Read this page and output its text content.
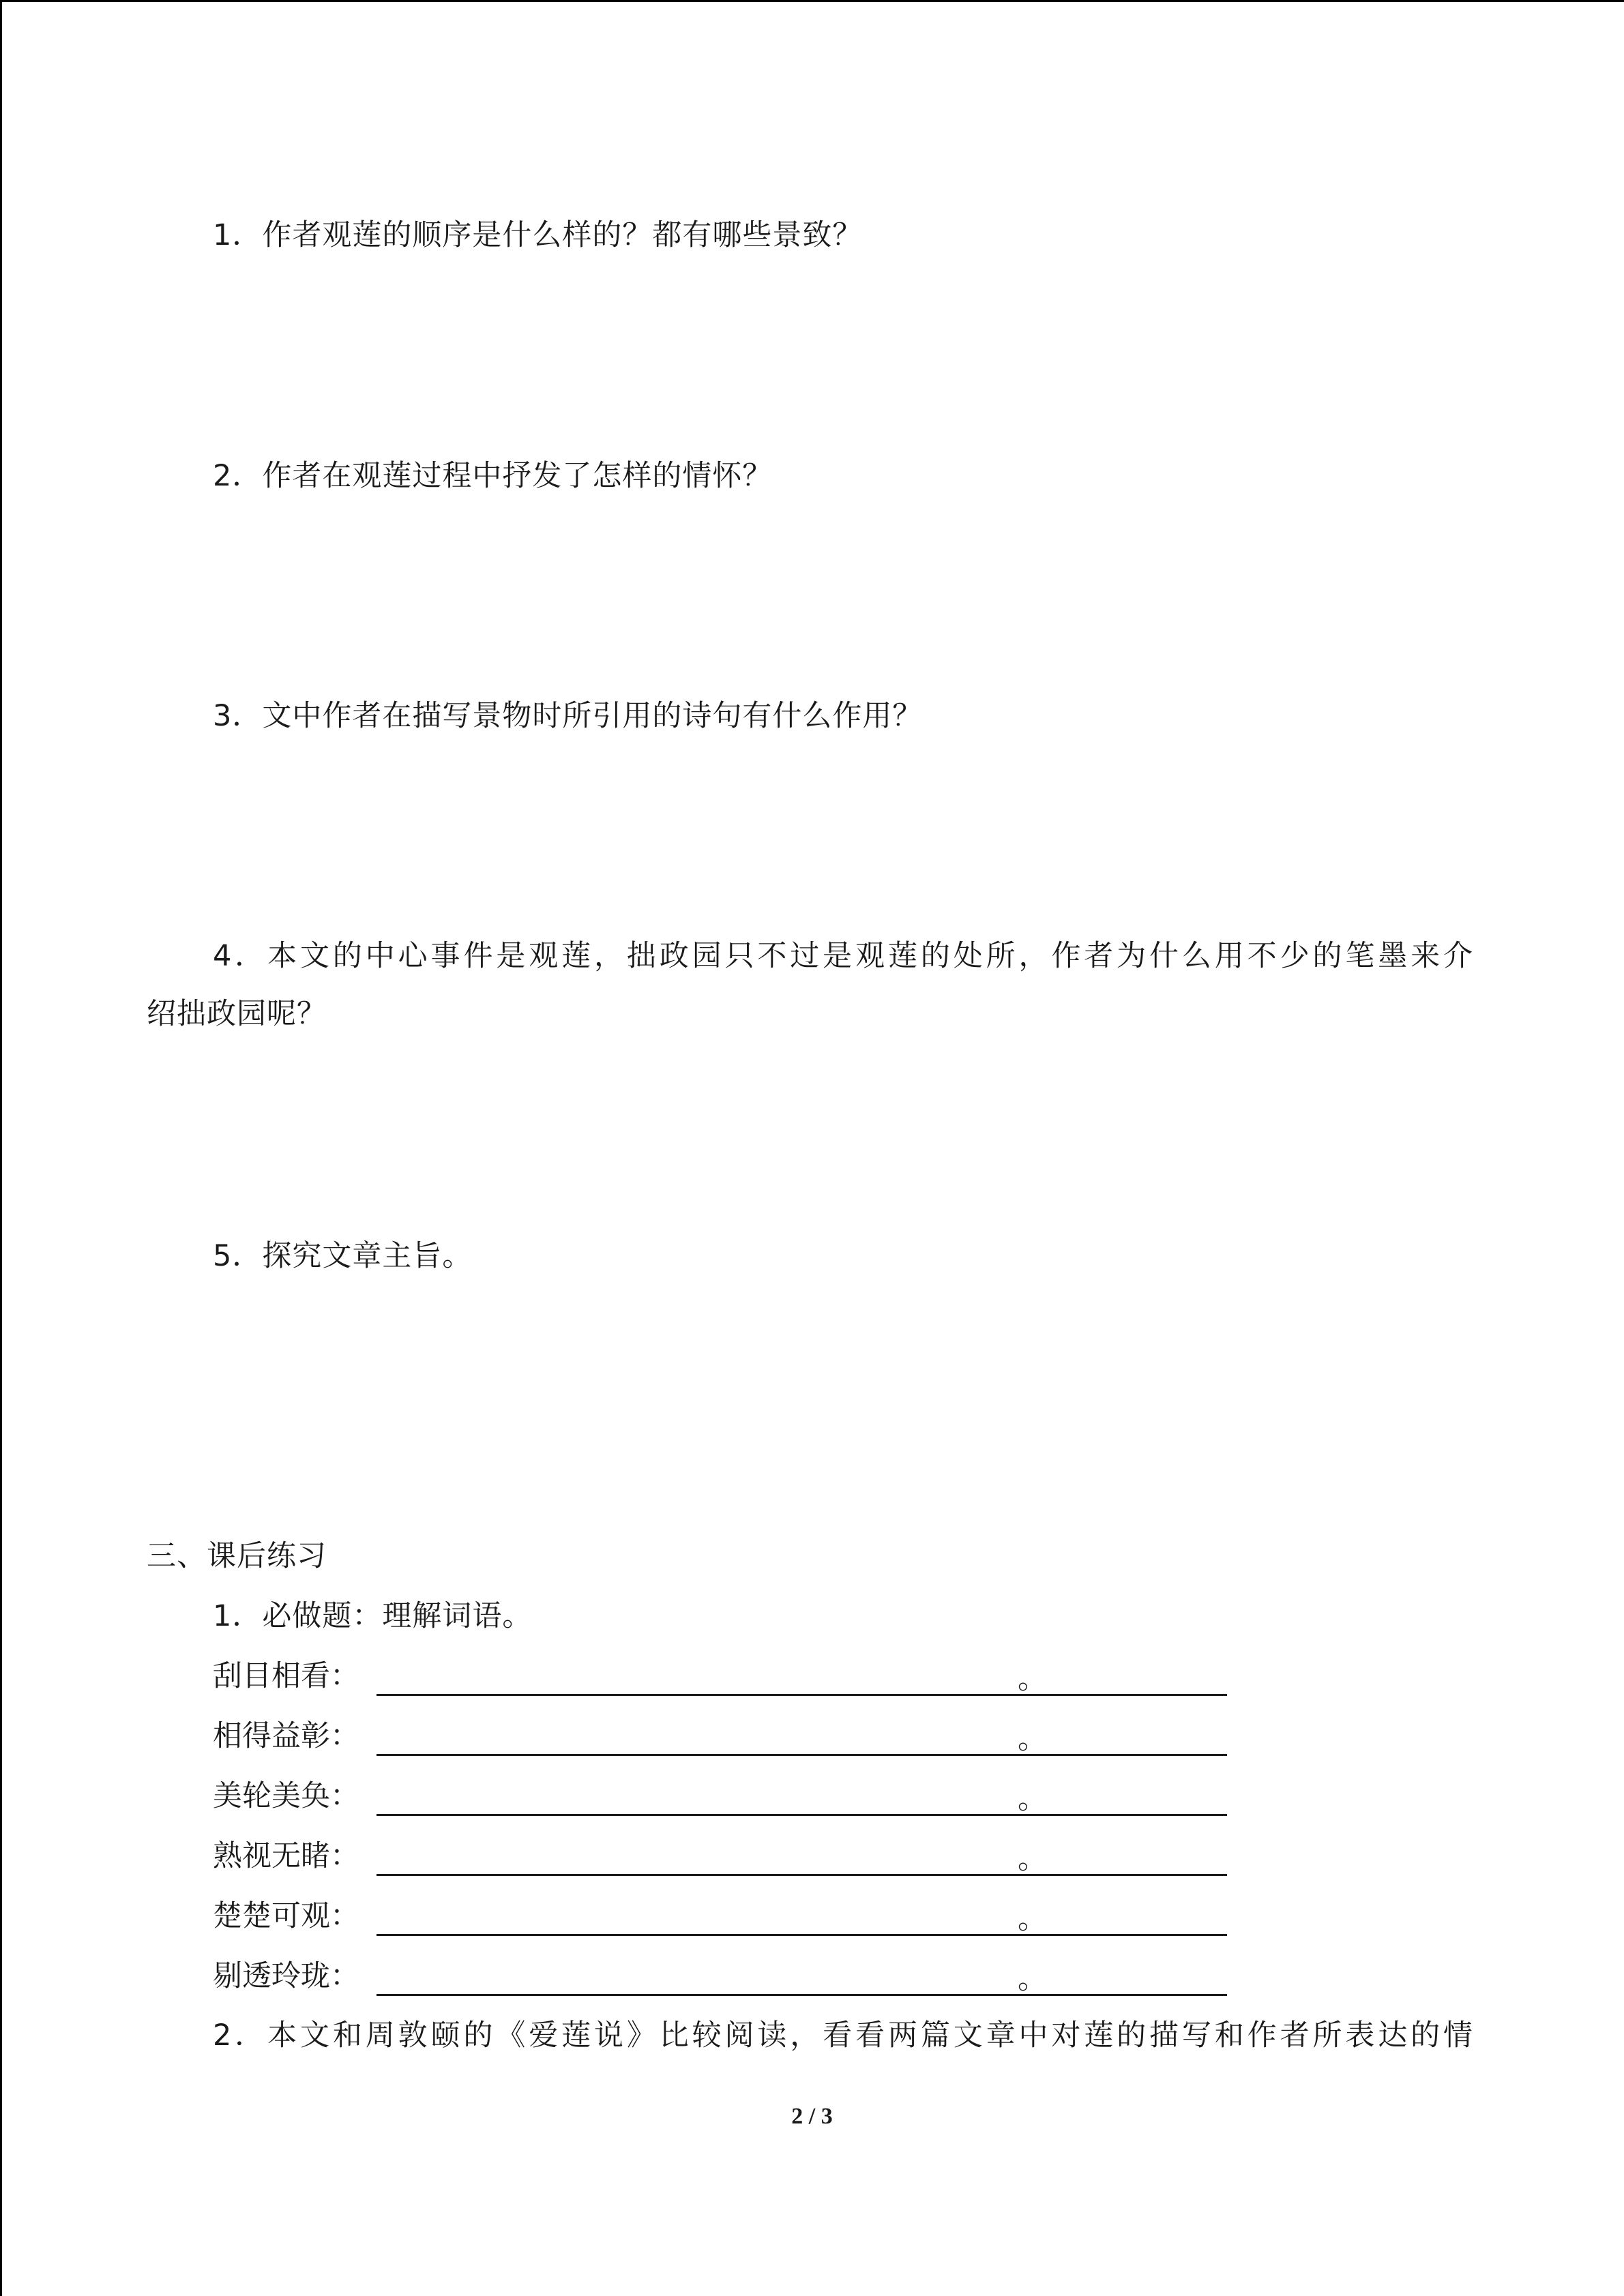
1．作者观莲的顺序是什么样的？都有哪些景致？
2．作者在观莲过程中抒发了怎样的情怀？
3．文中作者在描写景物时所引用的诗句有什么作用？
4．本文的中心事件是观莲，拙政园只不过是观莲的处所，作者为什么用不少的笔墨来介
绍拙政园呢？
5．探究文章主旨。
三、课后练习
1．必做题：理解词语。
刮目相看：	。
相得益彰：	。
美轮美奂：	。
熟视无睹：	。
楚楚可观：	。
剔透玲珑：	。
2．本文和周敦颐的《爱莲说》比较阅读，看看两篇文章中对莲的描写和作者所表达的情
2 / 3
